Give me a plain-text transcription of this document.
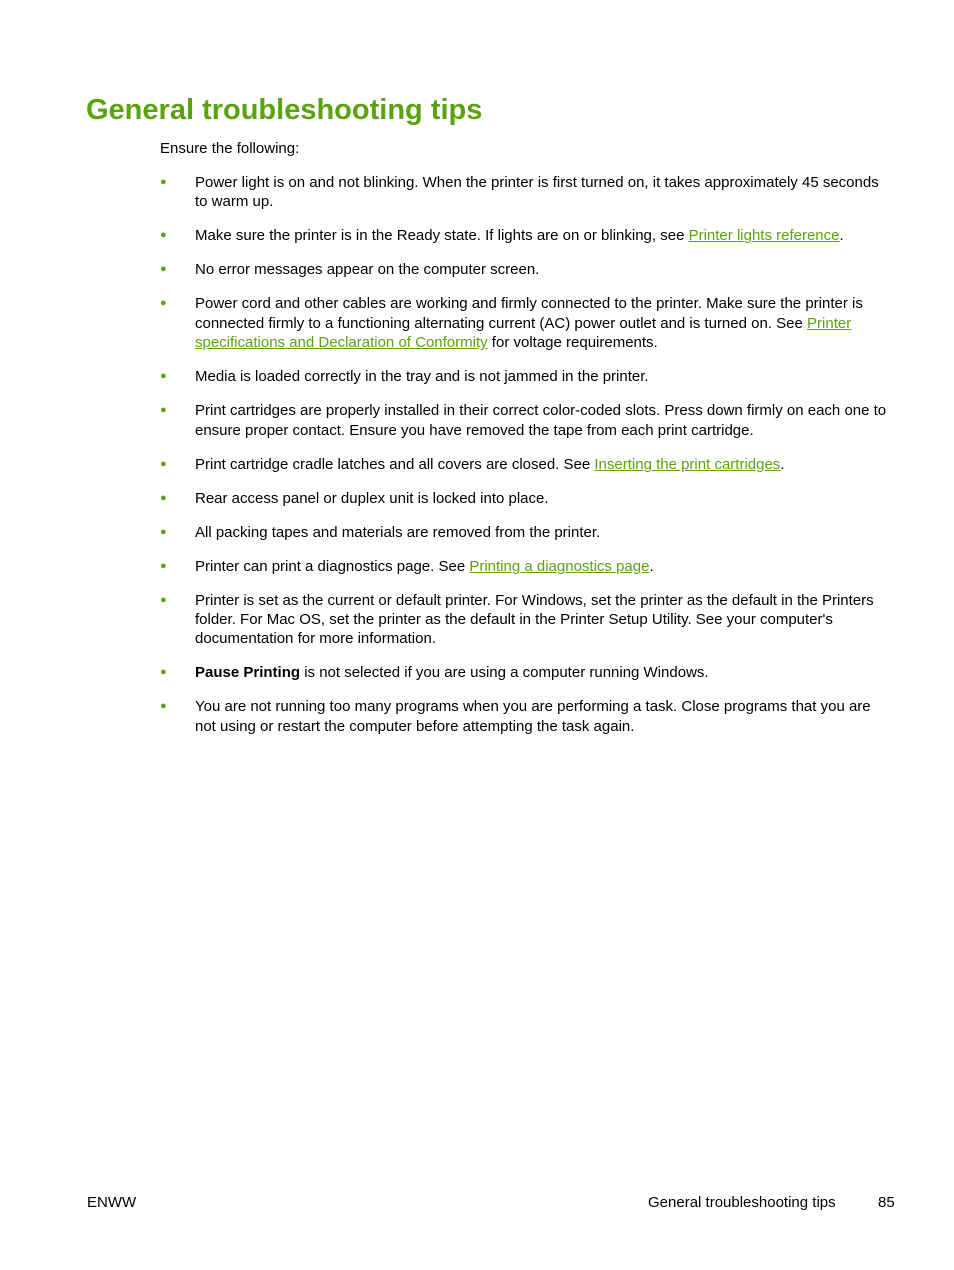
General troubleshooting tips

Ensure the following:

●	Power light is on and not blinking. When the printer is first turned on, it takes approximately 45 seconds to warm up.
●	Make sure the printer is in the Ready state. If lights are on or blinking, see Printer lights reference.
●	No error messages appear on the computer screen.
●	Power cord and other cables are working and firmly connected to the printer. Make sure the printer is connected firmly to a functioning alternating current (AC) power outlet and is turned on. See Printer specifications and Declaration of Conformity for voltage requirements.
●	Media is loaded correctly in the tray and is not jammed in the printer.
●	Print cartridges are properly installed in their correct color-coded slots. Press down firmly on each one to ensure proper contact. Ensure you have removed the tape from each print cartridge.
●	Print cartridge cradle latches and all covers are closed. See Inserting the print cartridges.
●	Rear access panel or duplex unit is locked into place.
●	All packing tapes and materials are removed from the printer.
●	Printer can print a diagnostics page. See Printing a diagnostics page.
●	Printer is set as the current or default printer. For Windows, set the printer as the default in the Printers folder. For Mac OS, set the printer as the default in the Printer Setup Utility. See your computer's documentation for more information.
●	Pause Printing is not selected if you are using a computer running Windows.
●	You are not running too many programs when you are performing a task. Close programs that you are not using or restart the computer before attempting the task again.

ENWW	General troubleshooting tips	85
